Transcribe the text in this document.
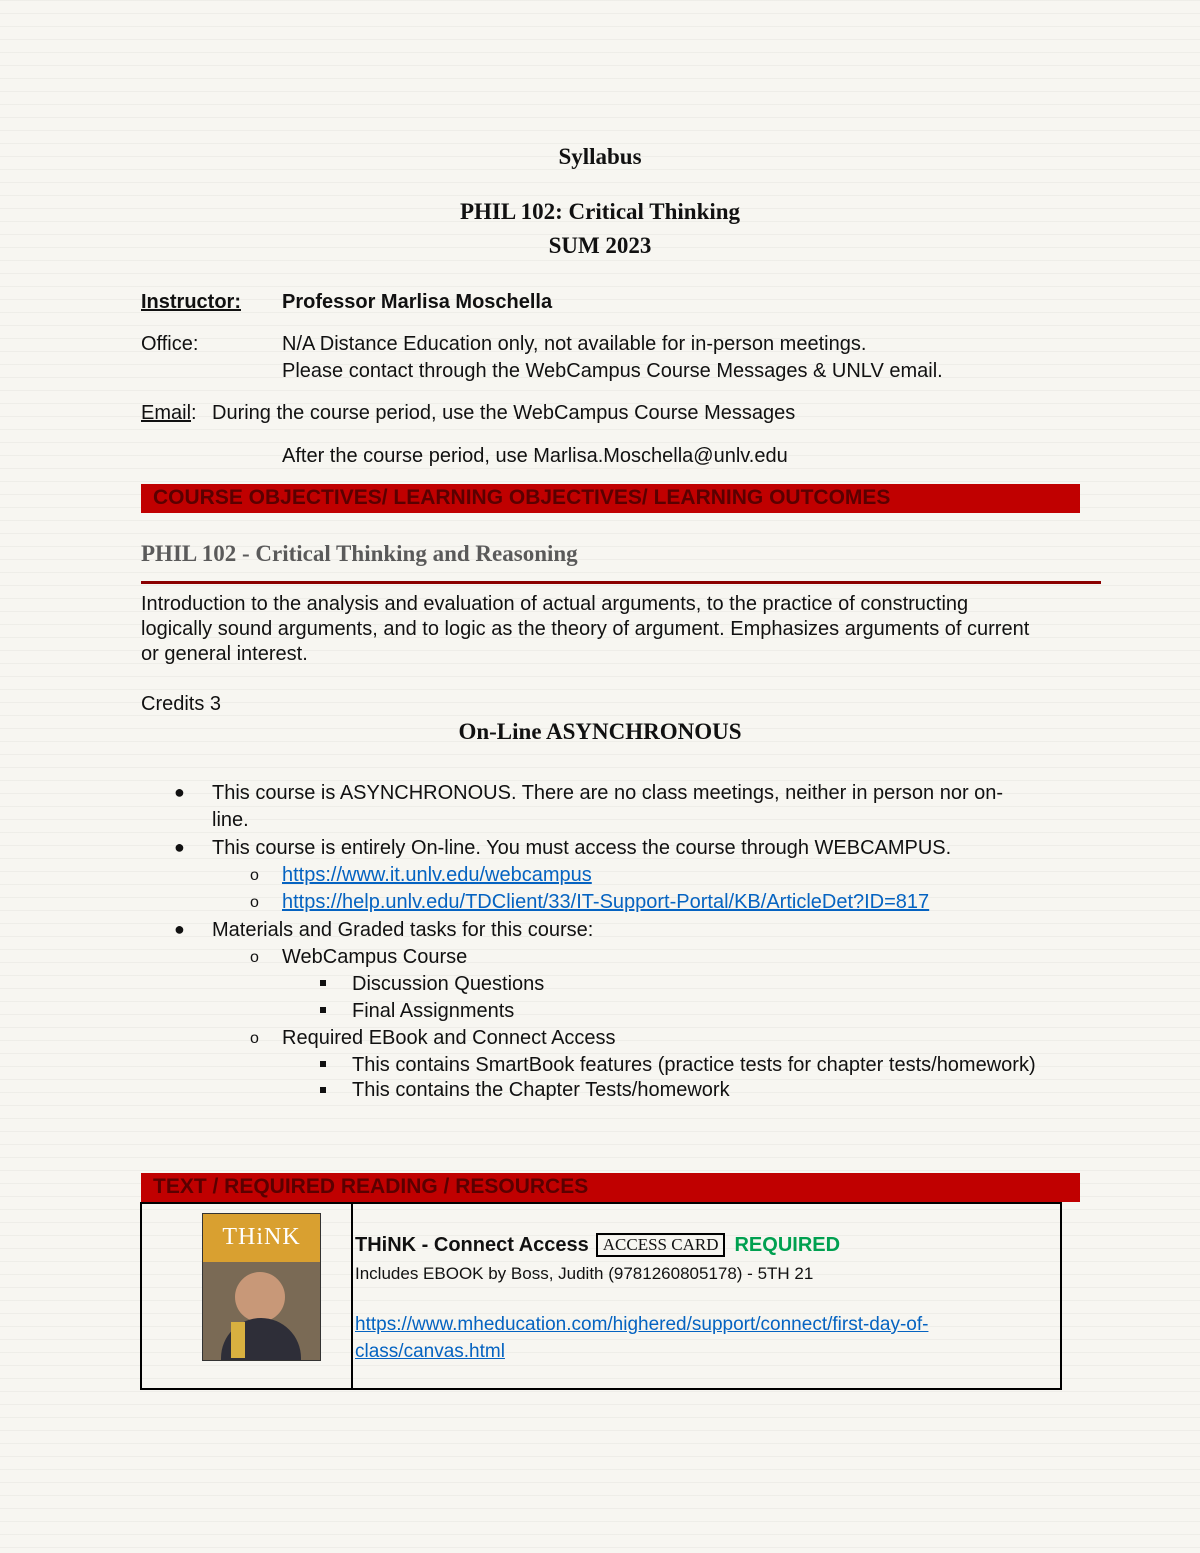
Syllabus
PHIL 102: Critical Thinking
SUM 2023
Instructor: Professor Marlisa Moschella
Office:	N/A Distance Education only, not available for in-person meetings.
Please contact through the WebCampus Course Messages & UNLV email.
Email: During the course period, use the WebCampus Course Messages
After the course period, use Marlisa.Moschella@unlv.edu
COURSE OBJECTIVES/ LEARNING OBJECTIVES/ LEARNING OUTCOMES
PHIL 102 - Critical Thinking and Reasoning
Introduction to the analysis and evaluation of actual arguments, to the practice of constructing
logically sound arguments, and to logic as the theory of argument. Emphasizes arguments of current
or general interest.
Credits 3
On-Line ASYNCHRONOUS
● This course is ASYNCHRONOUS. There are no class meetings, neither in person nor on-
line.
● This course is entirely On-line. You must access the course through WEBCAMPUS.
o https://www.it.unlv.edu/webcampus
o https://help.unlv.edu/TDClient/33/IT-Support-Portal/KB/ArticleDet?ID=817
● Materials and Graded tasks for this course:
o WebCampus Course
Discussion Questions
Final Assignments
o Required EBook and Connect Access
This contains SmartBook features (practice tests for chapter tests/homework)
This contains the Chapter Tests/homework
TEXT / REQUIRED READING / RESOURCES
THiNK	THiNK - Connect Access ACCESS CARD REQUIRED
Includes EBOOK by Boss, Judith (9781260805178) - 5TH 21
https://www.mheducation.com/highered/support/connect/first-day-of-
class/canvas.html
